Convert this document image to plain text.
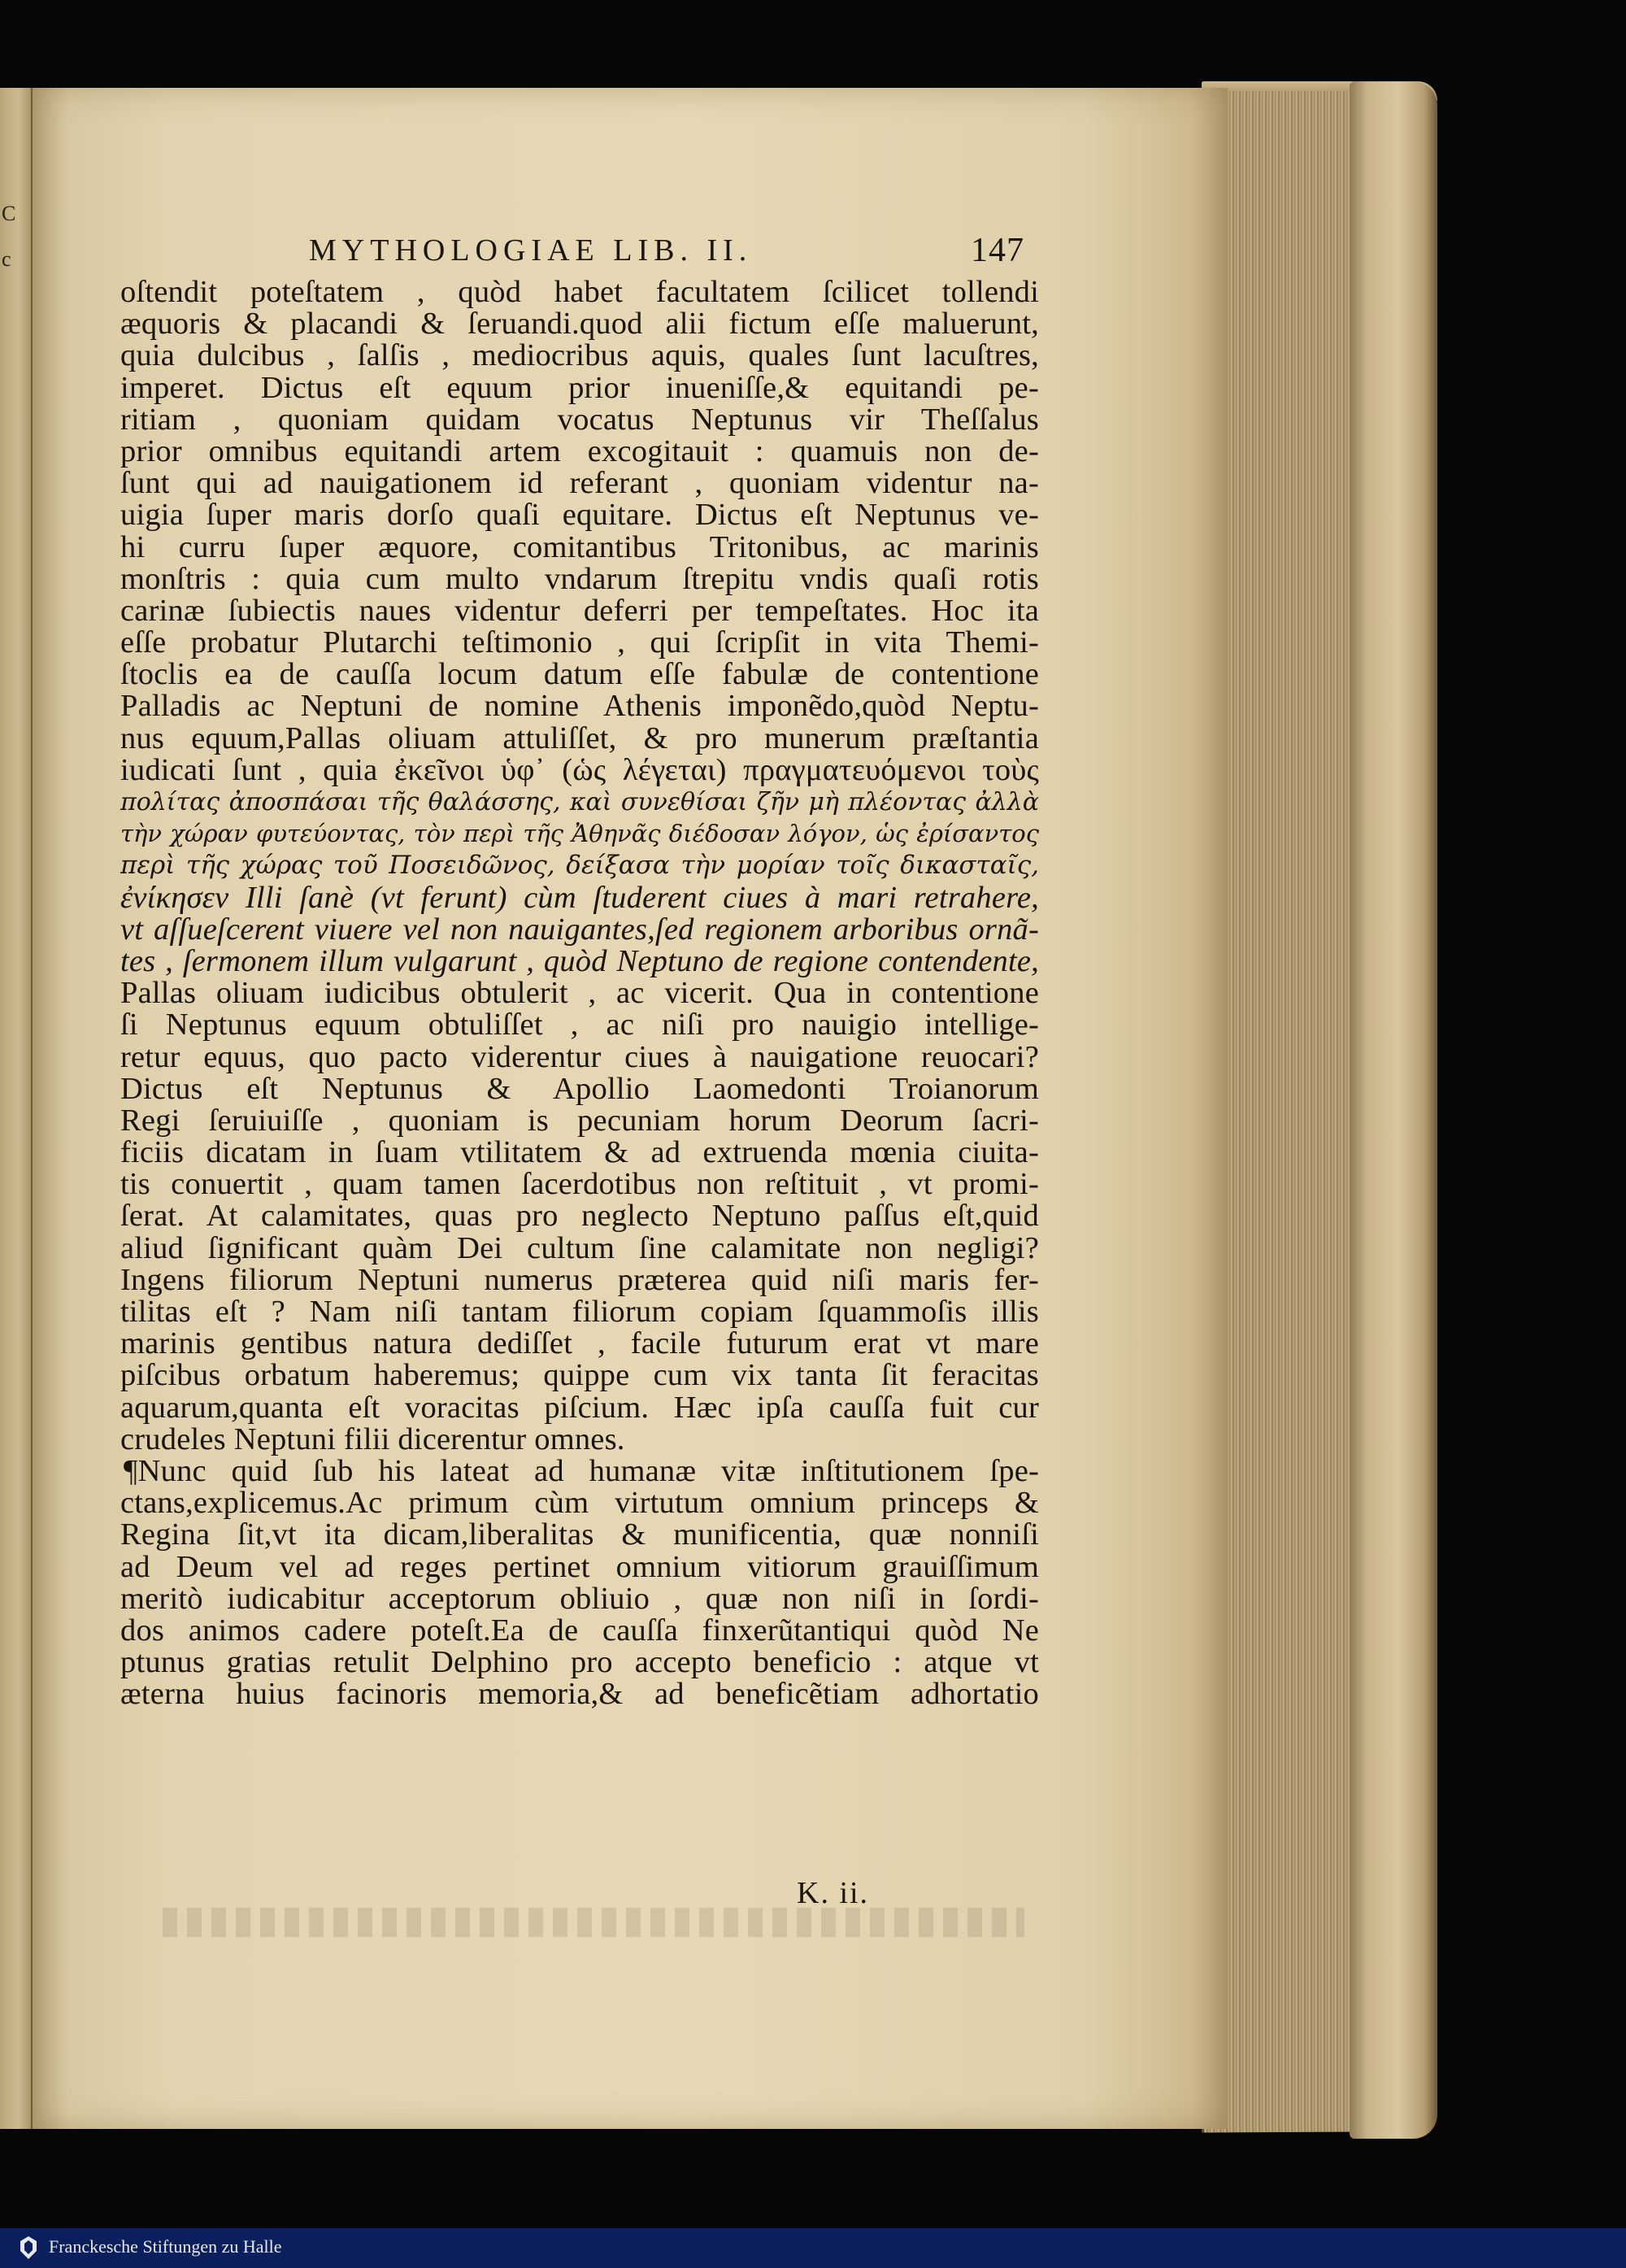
C
c	MYTHOLOGIAE LIB. II.	147
oſtendit poteſtatem , quòd habet facultatem ſcilicet tollendi
æquoris & placandi & ſeruandi.quod alii fictum eſſe maluerunt,
quia dulcibus , ſalſis , mediocribus aquis, quales ſunt lacuſtres,
imperet. Dictus eſt equum prior inueniſſe,& equitandi pe-
ritiam , quoniam quidam vocatus Neptunus vir Theſſalus
prior omnibus equitandi artem excogitauit : quamuis non de-
ſunt qui ad nauigationem id referant , quoniam videntur na-
uigia ſuper maris dorſo quaſi equitare. Dictus eſt Neptunus ve-
hi curru ſuper æquore, comitantibus Tritonibus, ac marinis
monſtris : quia cum multo vndarum ſtrepitu vndis quaſi rotis
carinæ ſubiectis naues videntur deferri per tempeſtates. Hoc ita
eſſe probatur Plutarchi teſtimonio , qui ſcripſit in vita Themi-
ſtoclis ea de cauſſa locum datum eſſe fabulæ de contentione
Palladis ac Neptuni de nomine Athenis imponẽdo,quòd Neptu-
nus equum,Pallas oliuam attuliſſet, & pro munerum præſtantia
iudicati ſunt , quia ἐκεῖνοι ὑφ᾽ (ὡς λέγεται) πραγματευόμενοι τοὺς
πολίτας ἀποσπάσαι τῆς θαλάσσης, καὶ συνεθίσαι ζῆν μὴ πλέοντας ἀλλὰ
τὴν χώραν φυτεύοντας, τὸν περὶ τῆς Ἀθηνᾶς διέδοσαν λόγον, ὡς ἐρίσαντος
περὶ τῆς χώρας τοῦ Ποσειδῶνος, δείξασα τὴν μορίαν τοῖς δικασταῖς,
ἐνίκησεν Illi ſanè (vt ferunt) cùm ſtuderent ciues à mari retrahere,
vt aſſueſcerent viuere vel non nauigantes,ſed regionem arboribus ornã-
tes , ſermonem illum vulgarunt , quòd Neptuno de regione contendente,
Pallas oliuam iudicibus obtulerit , ac vicerit. Qua in contentione
ſi Neptunus equum obtuliſſet , ac niſi pro nauigio intellige-
retur equus, quo pacto viderentur ciues à nauigatione reuocari?
Dictus eſt Neptunus & Apollio Laomedonti Troianorum
Regi ſeruiuiſſe , quoniam is pecuniam horum Deorum ſacri-
ficiis dicatam in ſuam vtilitatem & ad extruenda mœnia ciuita-
tis conuertit , quam tamen ſacerdotibus non reſtituit , vt promi-
ſerat. At calamitates, quas pro neglecto Neptuno paſſus eſt,quid
aliud ſignificant quàm Dei cultum ſine calamitate non negligi?
Ingens filiorum Neptuni numerus præterea quid niſi maris fer-
tilitas eſt ? Nam niſi tantam filiorum copiam ſquammoſis illis
marinis gentibus natura dediſſet , facile futurum erat vt mare
piſcibus orbatum haberemus; quippe cum vix tanta ſit feracitas
aquarum,quanta eſt voracitas piſcium. Hæc ipſa cauſſa fuit cur
crudeles Neptuni filii dicerentur omnes.
¶Nunc quid ſub his lateat ad humanæ vitæ inſtitutionem ſpe-
ctans,explicemus.Ac primum cùm virtutum omnium princeps &
Regina ſit,vt ita dicam,liberalitas & munificentia, quæ nonniſi
ad Deum vel ad reges pertinet omnium vitiorum grauiſſimum
meritò iudicabitur acceptorum obliuio , quæ non niſi in ſordi-
dos animos cadere poteſt.Ea de cauſſa finxerũtantiqui quòd Ne
ptunus gratias retulit Delphino pro accepto beneficio : atque vt
æterna huius facinoris memoria,& ad beneficẽtiam adhortatio
K. ii.
Franckesche Stiftungen zu Halle
